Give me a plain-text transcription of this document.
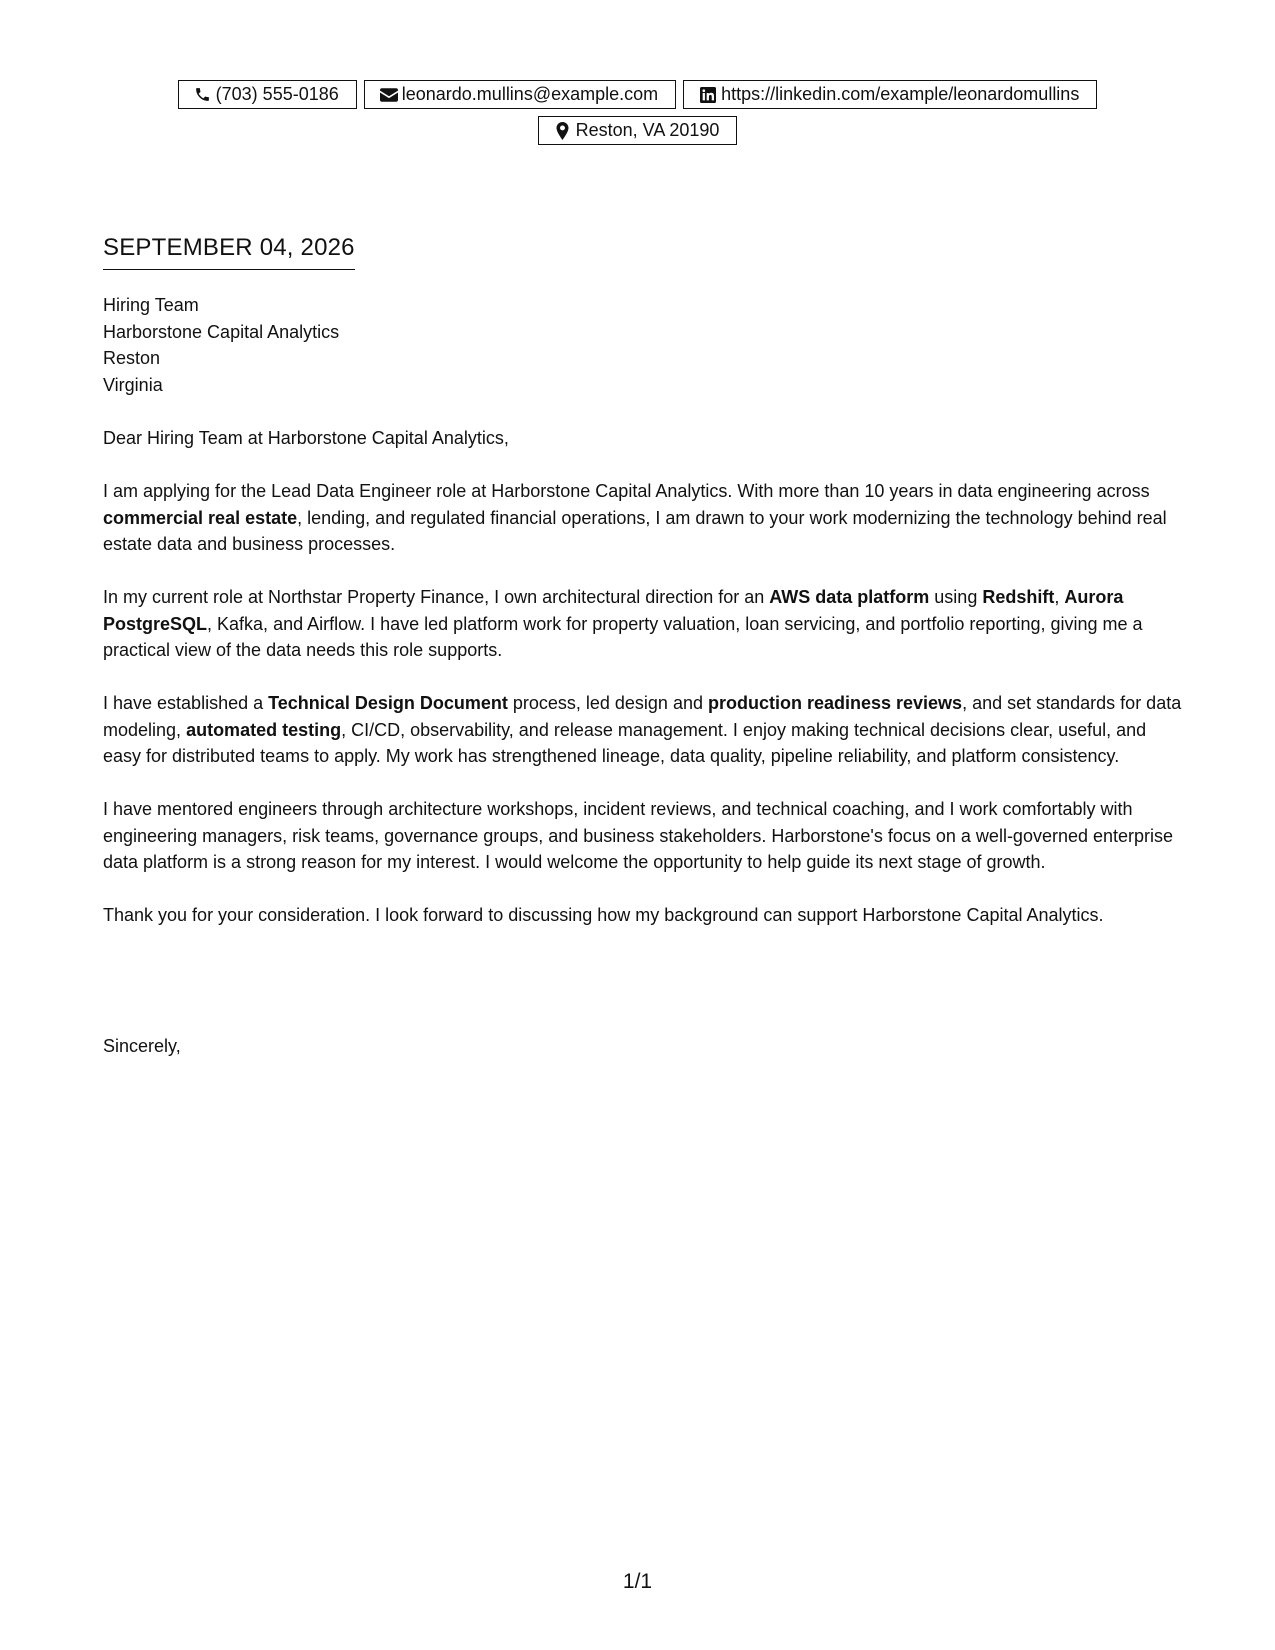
(703) 555-0186	leonardo.mullins@example.com	https://linkedin.com/example/leonardomullins
Reston, VA 20190
SEPTEMBER 04, 2026
Hiring Team
Harborstone Capital Analytics
Reston
Virginia

Dear Hiring Team at Harborstone Capital Analytics,

I am applying for the Lead Data Engineer role at Harborstone Capital Analytics. With more than 10 years in data engineering across commercial real estate, lending, and regulated financial operations, I am drawn to your work modernizing the technology behind real estate data and business processes.

In my current role at Northstar Property Finance, I own architectural direction for an AWS data platform using Redshift, Aurora PostgreSQL, Kafka, and Airflow. I have led platform work for property valuation, loan servicing, and portfolio reporting, giving me a practical view of the data needs this role supports.

I have established a Technical Design Document process, led design and production readiness reviews, and set standards for data modeling, automated testing, CI/CD, observability, and release management. I enjoy making technical decisions clear, useful, and easy for distributed teams to apply. My work has strengthened lineage, data quality, pipeline reliability, and platform consistency.

I have mentored engineers through architecture workshops, incident reviews, and technical coaching, and I work comfortably with engineering managers, risk teams, governance groups, and business stakeholders. Harborstone's focus on a well-governed enterprise data platform is a strong reason for my interest. I would welcome the opportunity to help guide its next stage of growth.

Thank you for your consideration. I look forward to discussing how my background can support Harborstone Capital Analytics.

Sincerely,
1/1
